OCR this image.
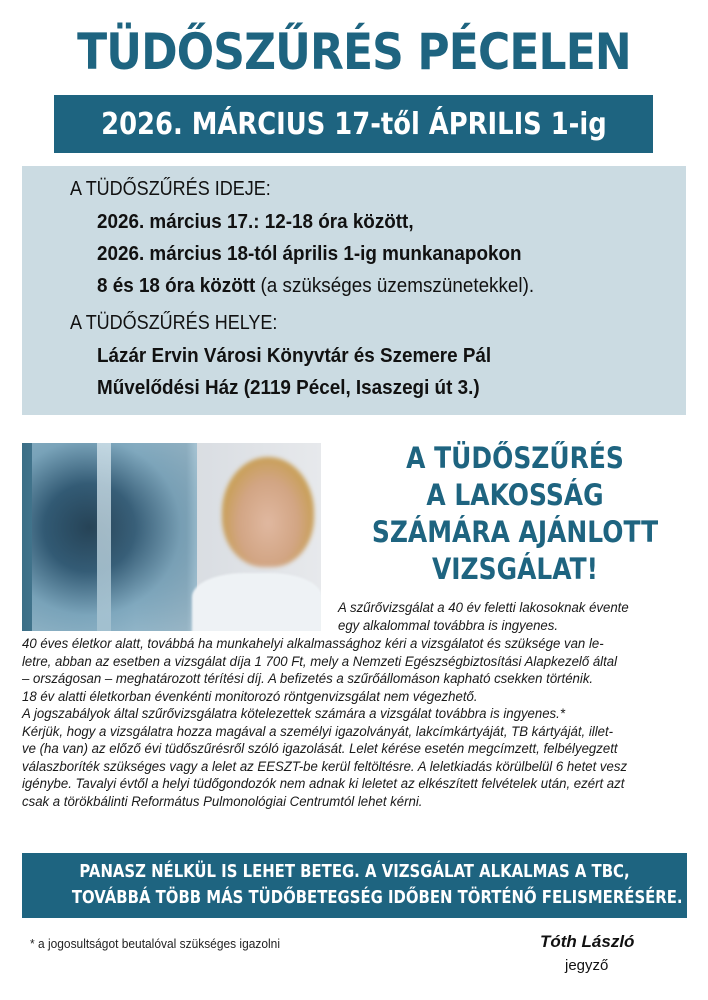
TÜDŐSZŰRÉS PÉCELEN
2026. MÁRCIUS 17-től ÁPRILIS 1-ig
A TÜDŐSZŰRÉS IDEJE:
2026. március 17.: 12-18 óra között,
2026. március 18-tól április 1-ig munkanapokon
8 és 18 óra között (a szükséges üzemszünetekkel).
A TÜDŐSZŰRÉS HELYE:
Lázár Ervin Városi Könyvtár és Szemere Pál
Művelődési Ház (2119 Pécel, Isaszegi út 3.)
A TÜDŐSZŰRÉS
A LAKOSSÁG
SZÁMÁRA AJÁNLOTT
VIZSGÁLAT!
A szűrővizsgálat a 40 év feletti lakosoknak évente
egy alkalommal továbbra is ingyenes.
40 éves életkor alatt, továbbá ha munkahelyi alkalmassághoz kéri a vizsgálatot és szüksége van le-
letre, abban az esetben a vizsgálat díja 1 700 Ft, mely a Nemzeti Egészségbiztosítási Alapkezelő által
– országosan – meghatározott térítési díj. A befizetés a szűrőállomáson kapható csekken történik.
18 év alatti életkorban évenkénti monitorozó röntgenvizsgálat nem végezhető.
A jogszabályok által szűrővizsgálatra kötelezettek számára a vizsgálat továbbra is ingyenes.*
Kérjük, hogy a vizsgálatra hozza magával a személyi igazolványát, lakcímkártyáját, TB kártyáját, illet-
ve (ha van) az előző évi tüdőszűrésről szóló igazolását. Lelet kérése esetén megcímzett, felbélyegzett
válaszboríték szükséges vagy a lelet az EESZT-be kerül feltöltésre. A leletkiadás körülbelül 6 hetet vesz
igénybe. Tavalyi évtől a helyi tüdőgondozók nem adnak ki leletet az elkészített felvételek után, ezért azt
csak a törökbálinti Református Pulmonológiai Centrumtól lehet kérni.
PANASZ NÉLKÜL IS LEHET BETEG. A VIZSGÁLAT ALKALMAS A TBC,
TOVÁBBÁ TÖBB MÁS TÜDŐBETEGSÉG IDŐBEN TÖRTÉNŐ FELISMERÉSÉRE.
* a jogosultságot beutalóval szükséges igazolni	Tóth László
jegyző
